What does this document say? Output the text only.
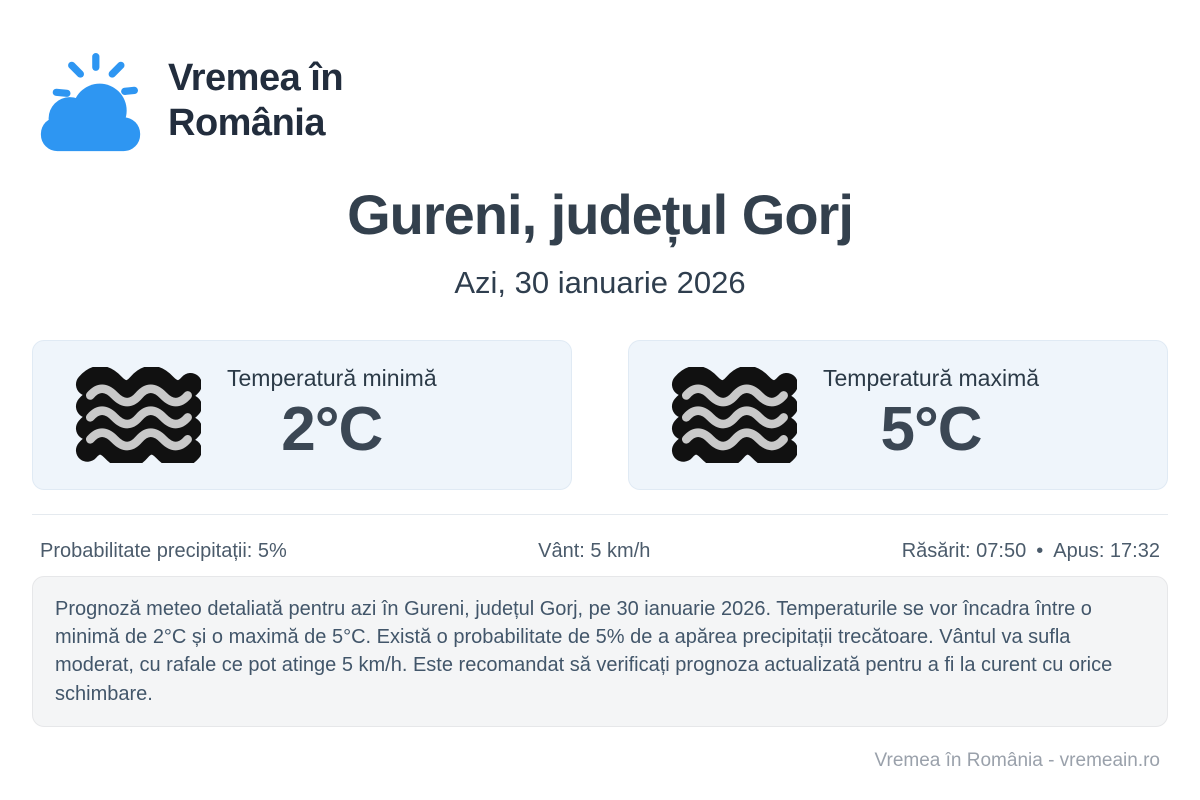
Vremea în
România
Gureni, județul Gorj
Azi, 30 ianuarie 2026
Temperatură minimă
2°C
Temperatură maximă
5°C
Probabilitate precipitații: 5%	Vânt: 5 km/h	Răsărit: 07:50 • Apus: 17:32
Prognoză meteo detaliată pentru azi în Gureni, județul Gorj, pe 30 ianuarie 2026. Temperaturile se vor încadra între o minimă de 2°C și o maximă de 5°C. Există o probabilitate de 5% de a apărea precipitații trecătoare. Vântul va sufla moderat, cu rafale ce pot atinge 5 km/h. Este recomandat să verificați prognoza actualizată pentru a fi la curent cu orice schimbare.
Vremea în România - vremeain.ro
